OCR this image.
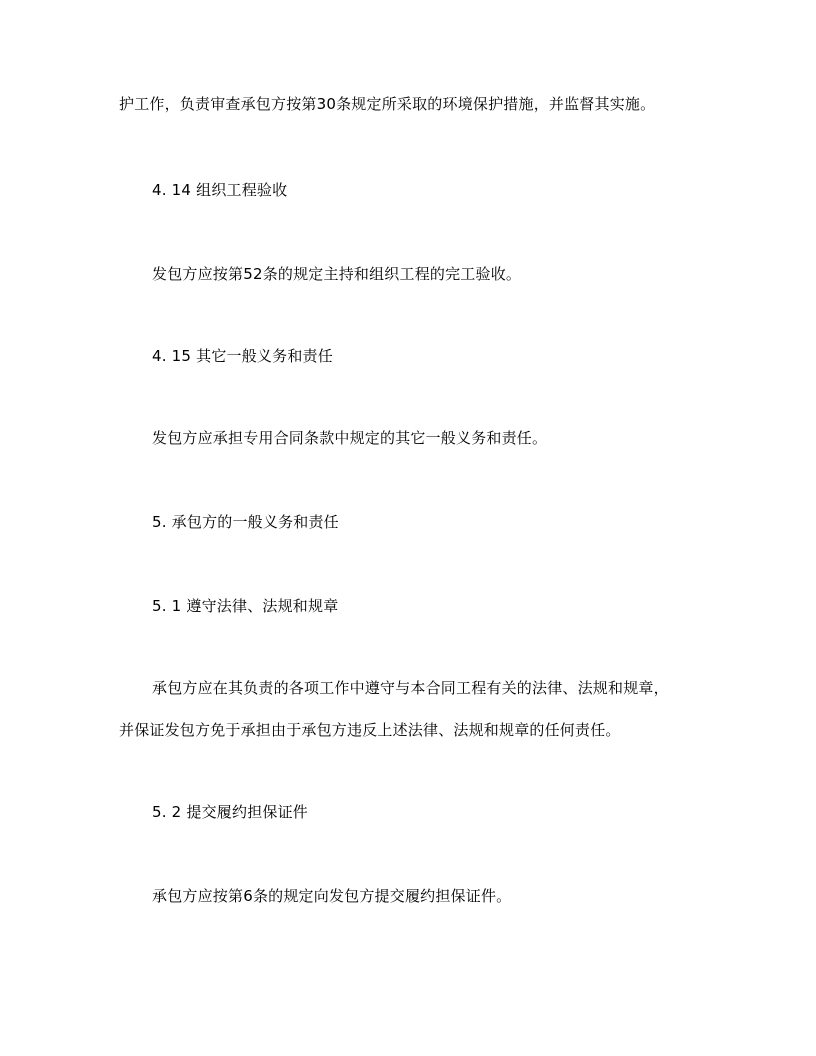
护工作，负责审查承包方按第30条规定所采取的环境保护措施，并监督其实施。
4. 14 组织工程验收
发包方应按第52条的规定主持和组织工程的完工验收。
4. 15 其它一般义务和责任
发包方应承担专用合同条款中规定的其它一般义务和责任。
5. 承包方的一般义务和责任
5. 1 遵守法律、法规和规章
承包方应在其负责的各项工作中遵守与本合同工程有关的法律、法规和规章，
并保证发包方免于承担由于承包方违反上述法律、法规和规章的任何责任。
5. 2 提交履约担保证件
承包方应按第6条的规定向发包方提交履约担保证件。
